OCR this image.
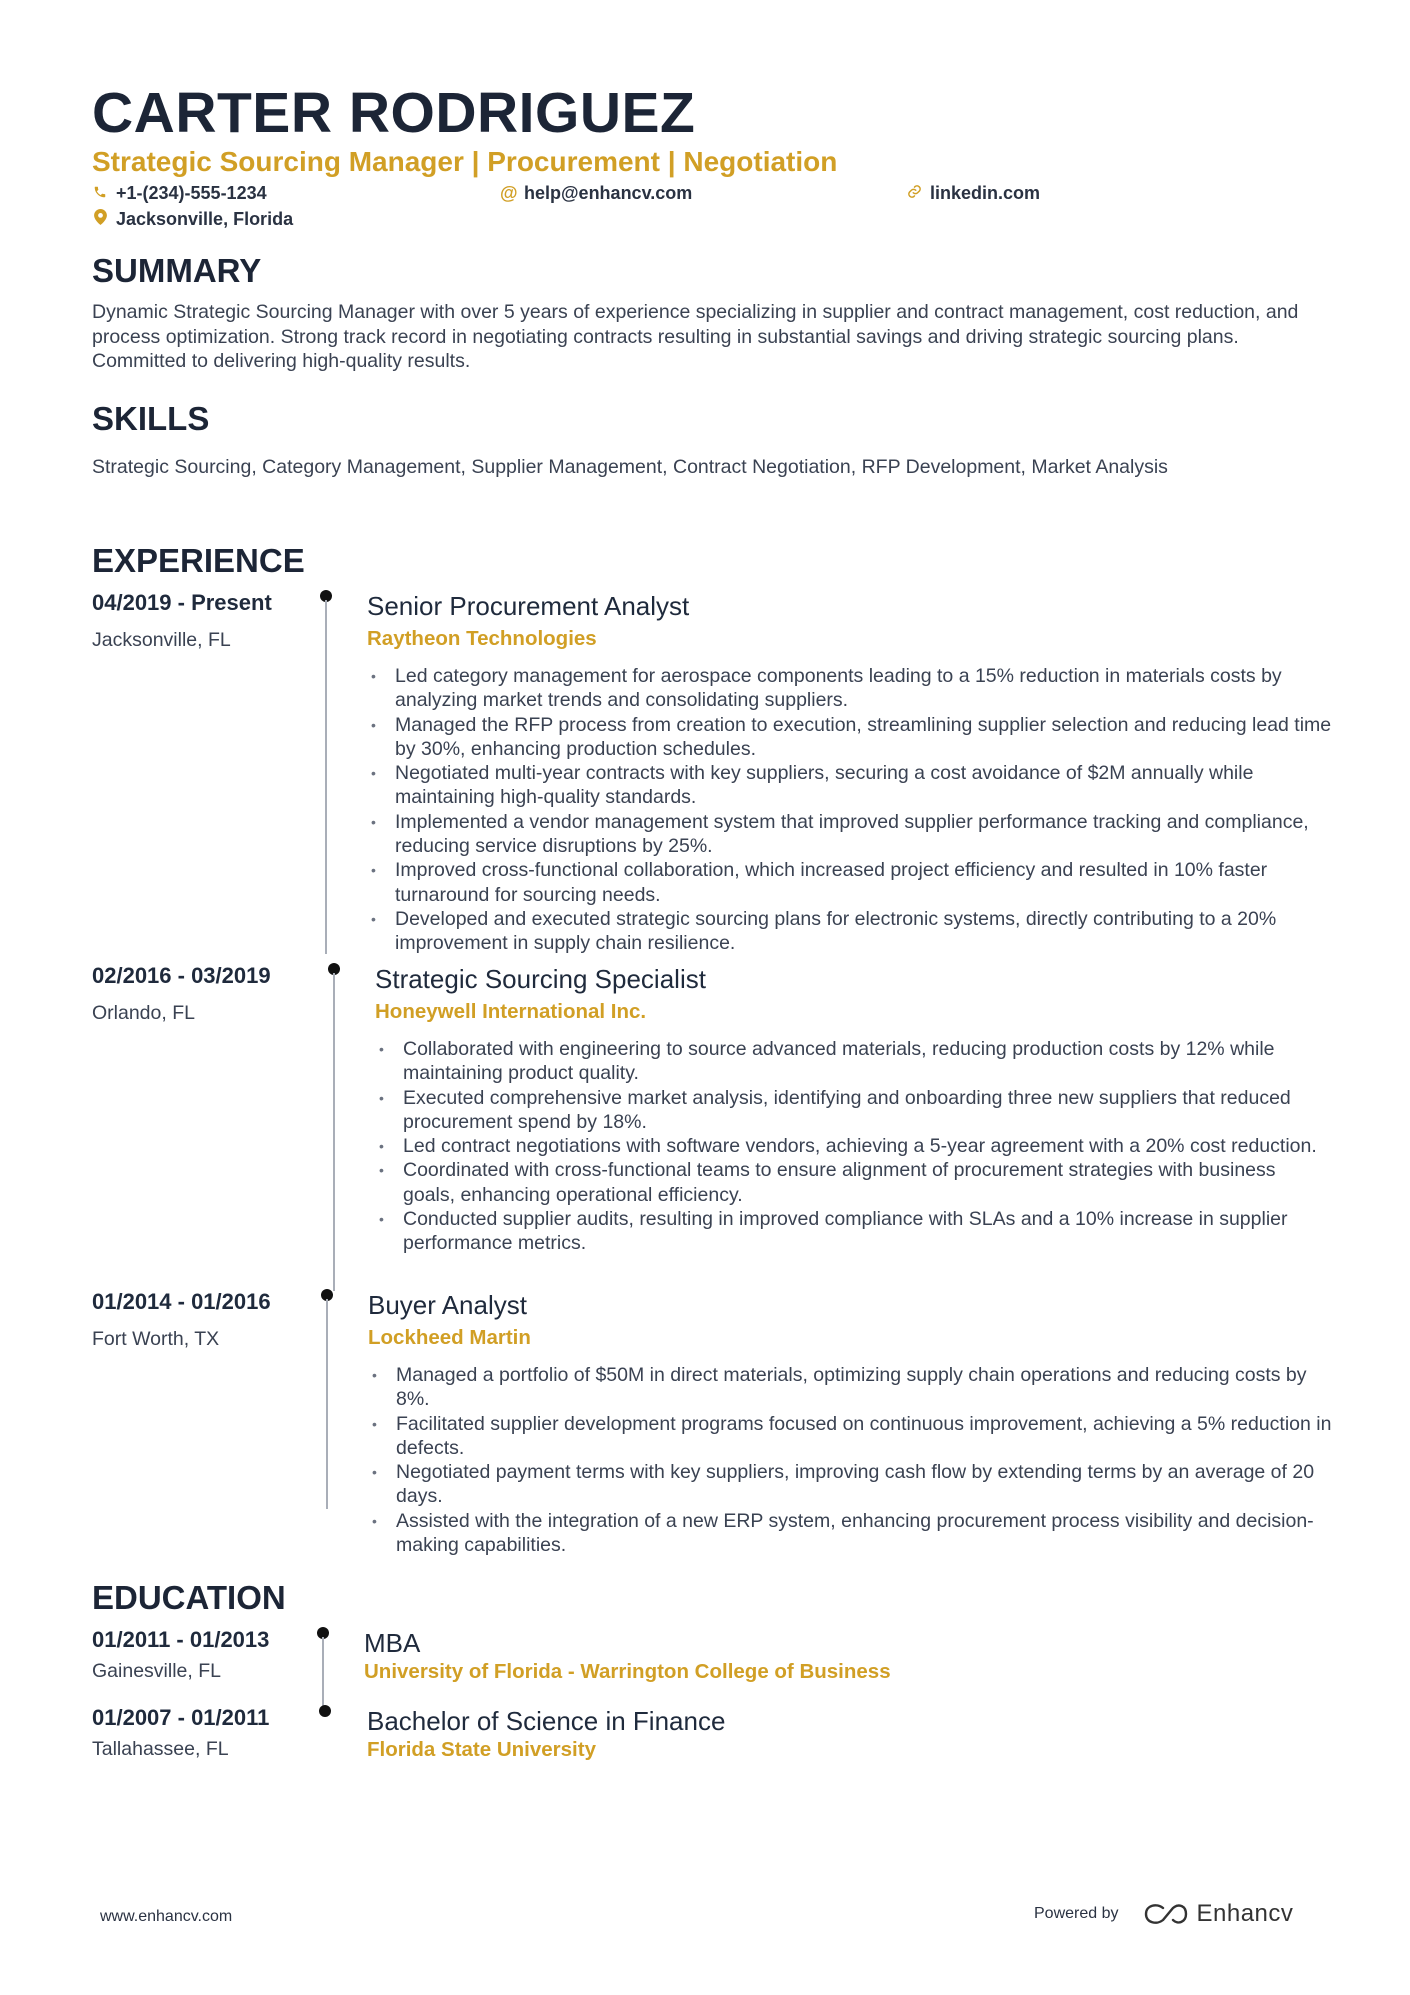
CARTER RODRIGUEZ
Strategic Sourcing Manager | Procurement | Negotiation
+1-(234)-555-1234	@ help@enhancv.com	linkedin.com
Jacksonville, Florida
SUMMARY
Dynamic Strategic Sourcing Manager with over 5 years of experience specializing in supplier and contract management, cost reduction, and process optimization. Strong track record in negotiating contracts resulting in substantial savings and driving strategic sourcing plans. Committed to delivering high-quality results.
SKILLS
Strategic Sourcing, Category Management, Supplier Management, Contract Negotiation, RFP Development, Market Analysis
EXPERIENCE
04/2019 - Present
Jacksonville, FL
Senior Procurement Analyst
Raytheon Technologies
• Led category management for aerospace components leading to a 15% reduction in materials costs by analyzing market trends and consolidating suppliers.
• Managed the RFP process from creation to execution, streamlining supplier selection and reducing lead time by 30%, enhancing production schedules.
• Negotiated multi-year contracts with key suppliers, securing a cost avoidance of $2M annually while maintaining high-quality standards.
• Implemented a vendor management system that improved supplier performance tracking and compliance, reducing service disruptions by 25%.
• Improved cross-functional collaboration, which increased project efficiency and resulted in 10% faster turnaround for sourcing needs.
• Developed and executed strategic sourcing plans for electronic systems, directly contributing to a 20% improvement in supply chain resilience.
02/2016 - 03/2019
Orlando, FL
Strategic Sourcing Specialist
Honeywell International Inc.
• Collaborated with engineering to source advanced materials, reducing production costs by 12% while maintaining product quality.
• Executed comprehensive market analysis, identifying and onboarding three new suppliers that reduced procurement spend by 18%.
• Led contract negotiations with software vendors, achieving a 5-year agreement with a 20% cost reduction.
• Coordinated with cross-functional teams to ensure alignment of procurement strategies with business goals, enhancing operational efficiency.
• Conducted supplier audits, resulting in improved compliance with SLAs and a 10% increase in supplier performance metrics.
01/2014 - 01/2016
Fort Worth, TX
Buyer Analyst
Lockheed Martin
• Managed a portfolio of $50M in direct materials, optimizing supply chain operations and reducing costs by 8%.
• Facilitated supplier development programs focused on continuous improvement, achieving a 5% reduction in defects.
• Negotiated payment terms with key suppliers, improving cash flow by extending terms by an average of 20 days.
• Assisted with the integration of a new ERP system, enhancing procurement process visibility and decision-making capabilities.
EDUCATION
01/2011 - 01/2013
Gainesville, FL
MBA
University of Florida - Warrington College of Business
01/2007 - 01/2011
Tallahassee, FL
Bachelor of Science in Finance
Florida State University
www.enhancv.com	Powered by	Enhancv
